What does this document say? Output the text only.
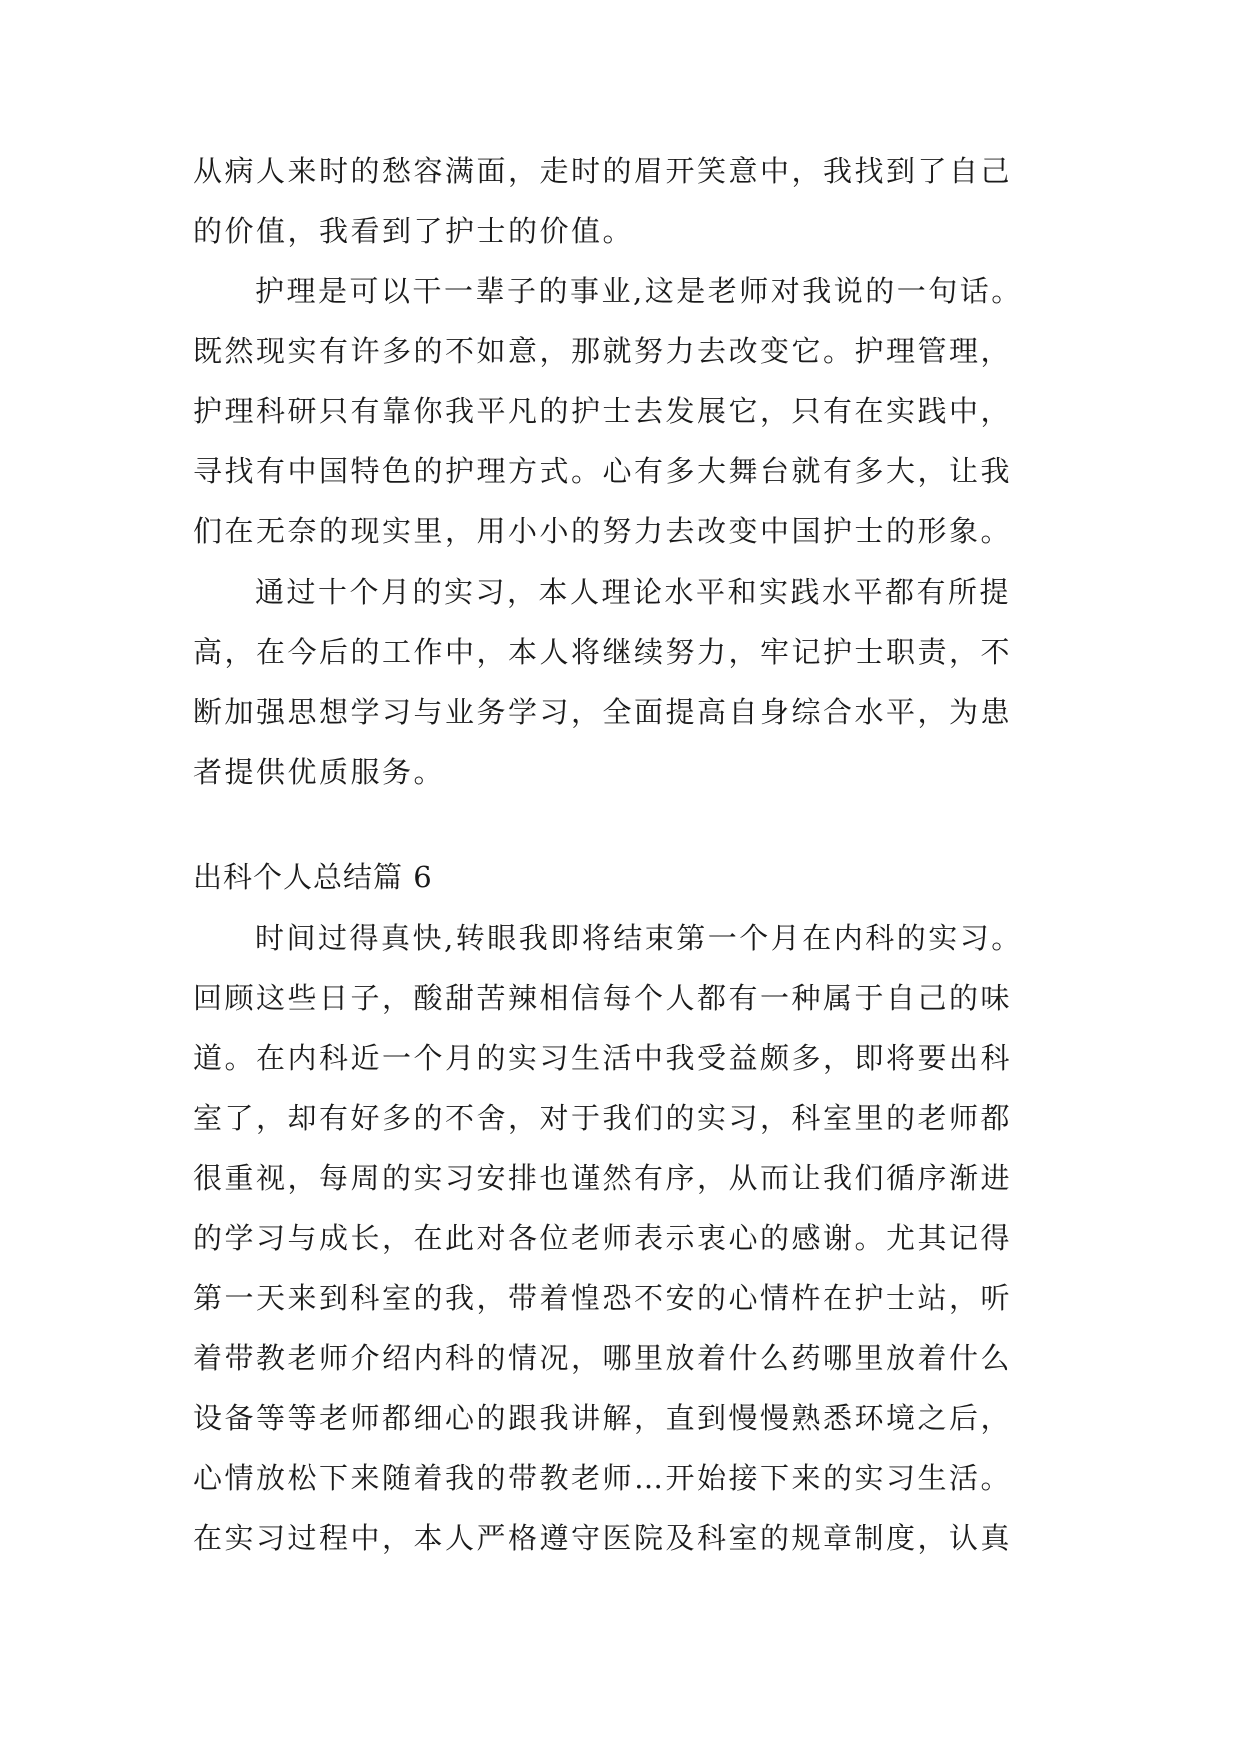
从病人来时的愁容满面，走时的眉开笑意中，我找到了自己
的价值，我看到了护士的价值。
护理是可以干一辈子的事业,这是老师对我说的一句话。
既然现实有许多的不如意，那就努力去改变它。护理管理，
护理科研只有靠你我平凡的护士去发展它，只有在实践中，
寻找有中国特色的护理方式。心有多大舞台就有多大，让我
们在无奈的现实里，用小小的努力去改变中国护士的形象。
通过十个月的实习，本人理论水平和实践水平都有所提
高，在今后的工作中，本人将继续努力，牢记护士职责，不
断加强思想学习与业务学习，全面提高自身综合水平，为患
者提供优质服务。
出科个人总结篇 6
时间过得真快,转眼我即将结束第一个月在内科的实习。
回顾这些日子，酸甜苦辣相信每个人都有一种属于自己的味
道。在内科近一个月的实习生活中我受益颇多，即将要出科
室了，却有好多的不舍，对于我们的实习，科室里的老师都
很重视，每周的实习安排也谨然有序，从而让我们循序渐进
的学习与成长，在此对各位老师表示衷心的感谢。尤其记得
第一天来到科室的我，带着惶恐不安的心情杵在护士站，听
着带教老师介绍内科的情况，哪里放着什么药哪里放着什么
设备等等老师都细心的跟我讲解，直到慢慢熟悉环境之后，
心情放松下来随着我的带教老师…开始接下来的实习生活。
在实习过程中，本人严格遵守医院及科室的规章制度，认真
